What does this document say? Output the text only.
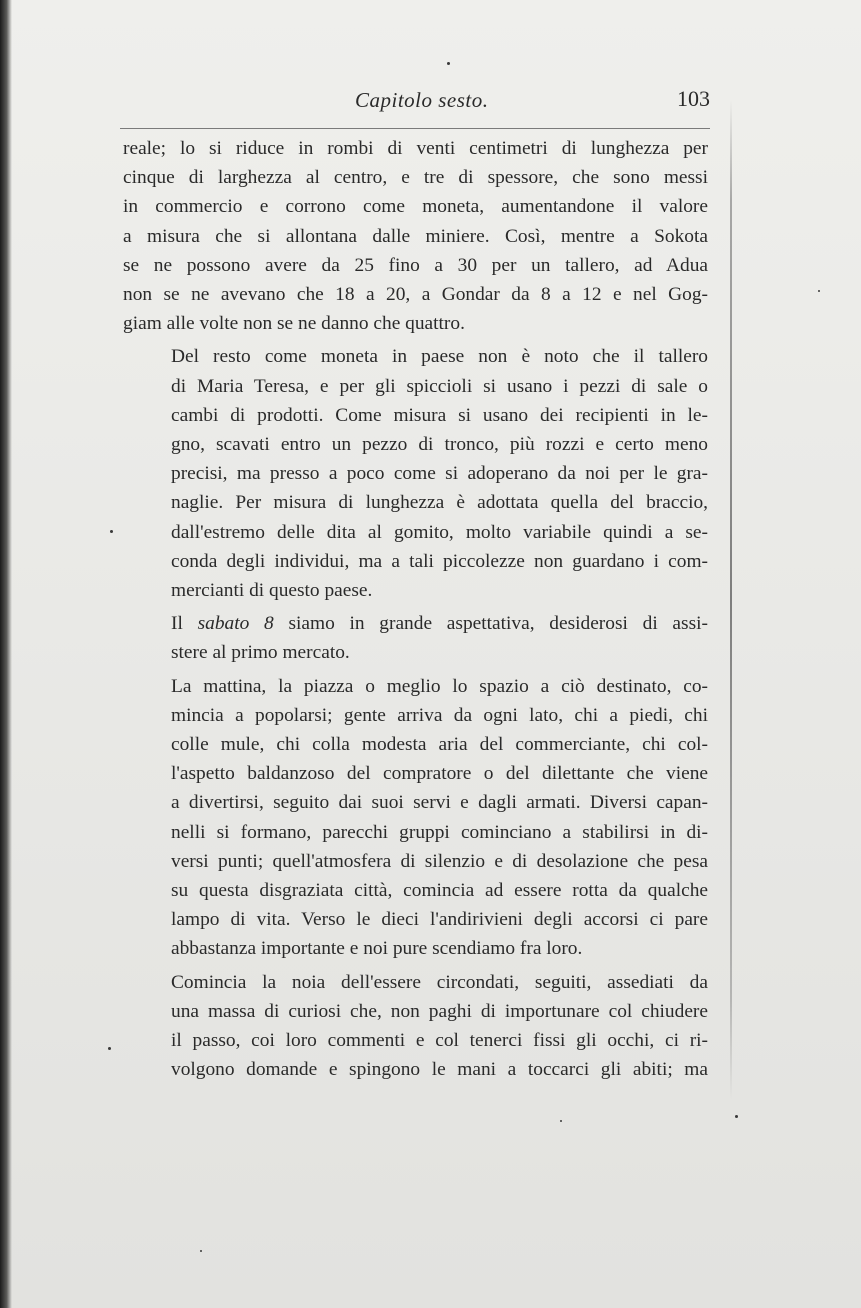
Capitolo sesto.	103

reale; lo si riduce in rombi di venti centimetri di lunghezza per
cinque di larghezza al centro, e tre di spessore, che sono messi
in commercio e corrono come moneta, aumentandone il valore
a misura che si allontana dalle miniere. Così, mentre a Sokota
se ne possono avere da 25 fino a 30 per un tallero, ad Adua
non se ne avevano che 18 a 20, a Gondar da 8 a 12 e nel Gog-
giam alle volte non se ne danno che quattro.

Del resto come moneta in paese non è noto che il tallero
di Maria Teresa, e per gli spiccioli si usano i pezzi di sale o
cambi di prodotti. Come misura si usano dei recipienti in le-
gno, scavati entro un pezzo di tronco, più rozzi e certo meno
precisi, ma presso a poco come si adoperano da noi per le gra-
naglie. Per misura di lunghezza è adottata quella del braccio,
dall'estremo delle dita al gomito, molto variabile quindi a se-
conda degli individui, ma a tali piccolezze non guardano i com-
mercianti di questo paese.

Il sabato 8 siamo in grande aspettativa, desiderosi di assi-
stere al primo mercato.

La mattina, la piazza o meglio lo spazio a ciò destinato, co-
mincia a popolarsi; gente arriva da ogni lato, chi a piedi, chi
colle mule, chi colla modesta aria del commerciante, chi col-
l'aspetto baldanzoso del compratore o del dilettante che viene
a divertirsi, seguito dai suoi servi e dagli armati. Diversi capan-
nelli si formano, parecchi gruppi cominciano a stabilirsi in di-
versi punti; quell'atmosfera di silenzio e di desolazione che pesa
su questa disgraziata città, comincia ad essere rotta da qualche
lampo di vita. Verso le dieci l'andirivieni degli accorsi ci pare
abbastanza importante e noi pure scendiamo fra loro.

Comincia la noia dell'essere circondati, seguiti, assediati da
una massa di curiosi che, non paghi di importunare col chiudere
il passo, coi loro commenti e col tenerci fissi gli occhi, ci ri-
volgono domande e spingono le mani a toccarci gli abiti; ma
